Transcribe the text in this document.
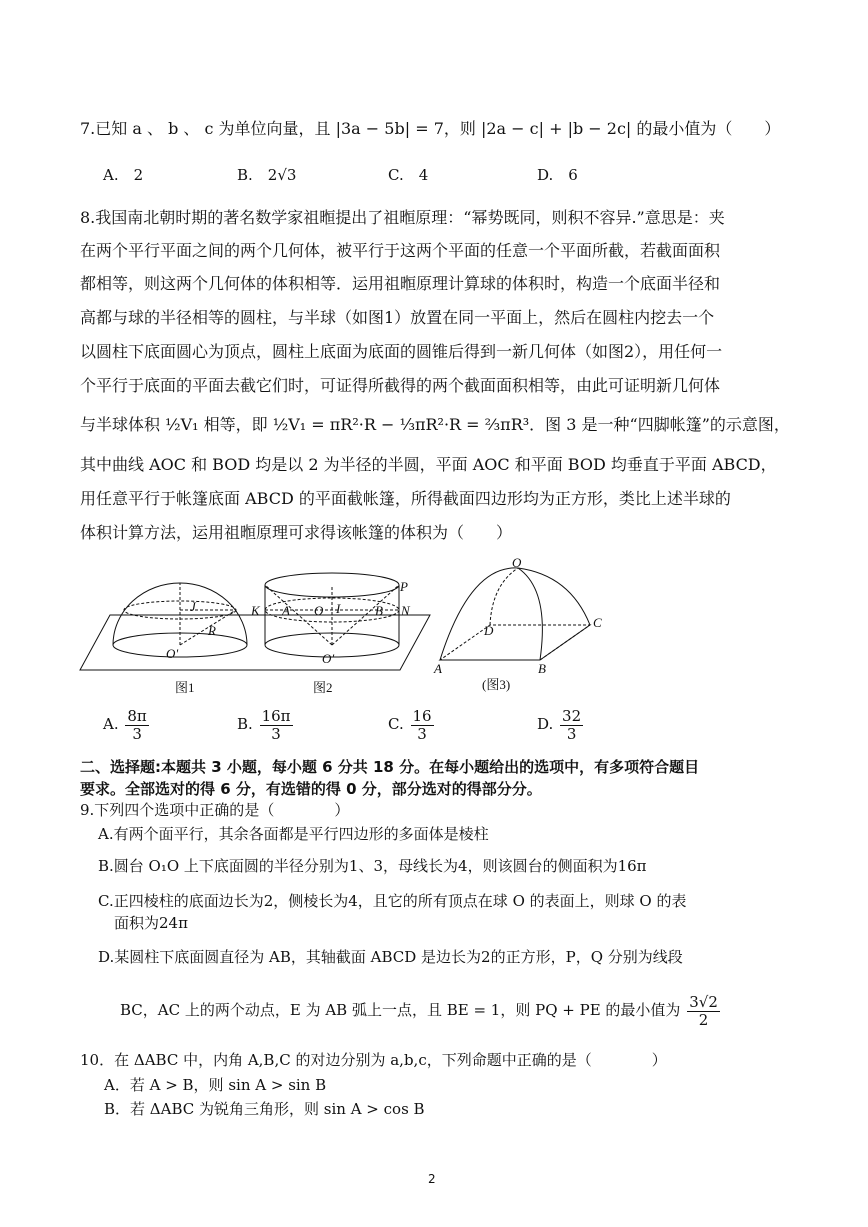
7.已知 a 、 b 、 c 为单位向量，且 |3a − 5b| = 7，则 |2a − c| + |b − 2c| 的最小值为（　　）
A.　2	B.　2√3	C.　4	D.　6
8.我国南北朝时期的著名数学家祖暅提出了祖暅原理：“幂势既同，则积不容异.”意思是：夹
在两个平行平面之间的两个几何体，被平行于这两个平面的任意一个平面所截，若截面面积
都相等，则这两个几何体的体积相等．运用祖暅原理计算球的体积时，构造一个底面半径和
高都与球的半径相等的圆柱，与半球（如图1）放置在同一平面上，然后在圆柱内挖去一个
以圆柱下底面圆心为顶点，圆柱上底面为底面的圆锥后得到一新几何体（如图2），用任何一
个平行于底面的平面去截它们时，可证得所截得的两个截面面积相等，由此可证明新几何体
与半球体积 ½V₁ 相等，即 ½V₁ = πR²·R − ⅓πR²·R = ⅔πR³．图 3 是一种“四脚帐篷”的示意图，
其中曲线 AOC 和 BOD 均是以 2 为半径的半圆，平面 AOC 和平面 BOD 均垂直于平面 ABCD，
用任意平行于帐篷底面 ABCD 的平面截帐篷，所得截面四边形均为正方形，类比上述半球的
体积计算方法，运用祖暅原理可求得该帐篷的体积为（　　）
P
N
K A O	B
J	I
R
O'	O'
O
D
C
A	B
图1	图2	(图3)
A. $\frac{8\pi}{3}$	B. $\frac{16\pi}{3}$	C. $\frac{16}{3}$	D. $\frac{32}{3}$
二、选择题:本题共 3 小题，每小题 6 分共 18 分。在每小题给出的选项中，有多项符合题目
要求。全部选对的得 6 分，有选错的得 0 分，部分选对的得部分分。
9.下列四个选项中正确的是（　　　　）
A.有两个面平行，其余各面都是平行四边形的多面体是棱柱
B.圆台 O₁O 上下底面圆的半径分别为1、3，母线长为4，则该圆台的侧面积为16π
C.正四棱柱的底面边长为2，侧棱长为4，且它的所有顶点在球 O 的表面上，则球 O 的表
面积为24π
D.某圆柱下底面圆直径为 AB，其轴截面 ABCD 是边长为2的正方形，P，Q 分别为线段
BC，AC 上的两个动点，E 为 AB 弧上一点，且 BE = 1，则 PQ + PE 的最小值为 $\frac{3√2}{2}$
10．在 ΔABC 中，内角 A,B,C 的对边分别为 a,b,c，下列命题中正确的是（　　　　）
A．若 A > B，则 sin A > sin B
B．若 ΔABC 为锐角三角形，则 sin A > cos B
2
